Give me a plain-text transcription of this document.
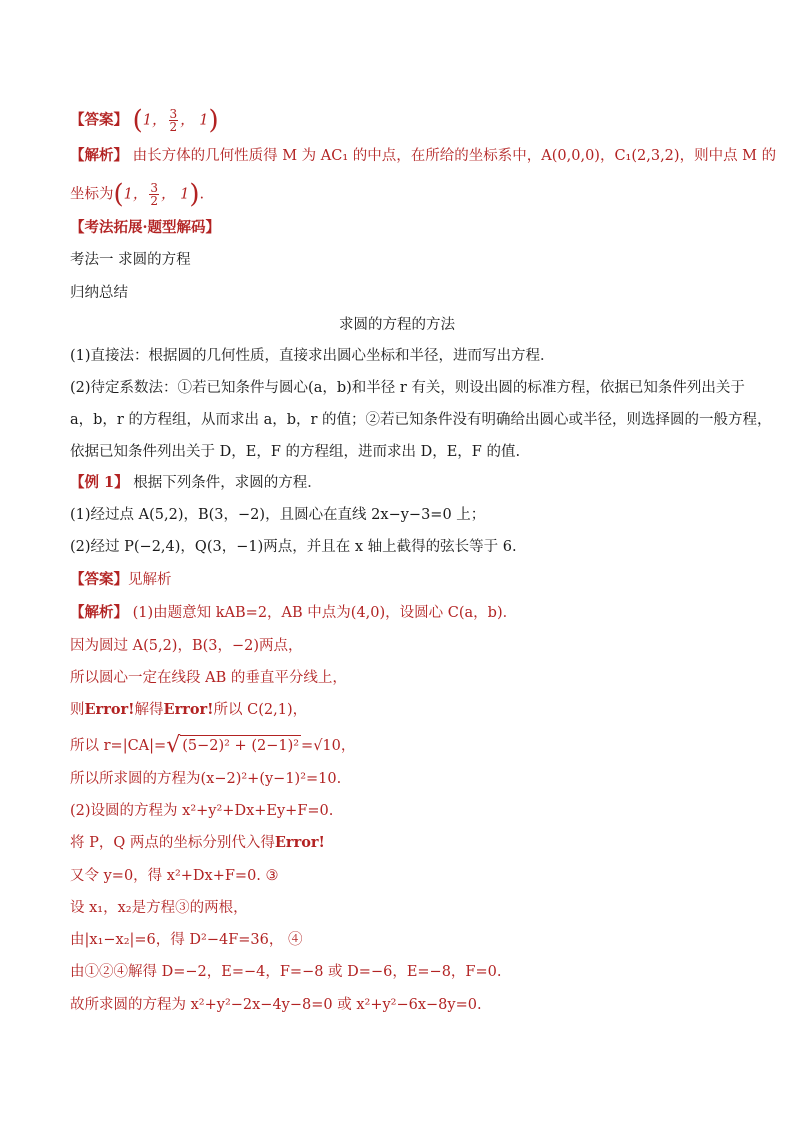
【答案】 (1， $\frac{3}{2}$ ， 1)
【解析】 由长方体的几何性质得 M 为 AC₁ 的中点，在所给的坐标系中，A(0,0,0)，C₁(2,3,2)，则中点 M 的
坐标为(1， $\frac{3}{2}$ ， 1).
【考法拓展·题型解码】
考法一 求圆的方程
归纳总结
求圆的方程的方法
(1)直接法：根据圆的几何性质，直接求出圆心坐标和半径，进而写出方程．
(2)待定系数法：①若已知条件与圆心(a，b)和半径 r 有关，则设出圆的标准方程，依据已知条件列出关于
a，b，r 的方程组，从而求出 a，b，r 的值；②若已知条件没有明确给出圆心或半径，则选择圆的一般方程，
依据已知条件列出关于 D，E，F 的方程组，进而求出 D，E，F 的值.
【例 1】 根据下列条件，求圆的方程．
(1)经过点 A(5,2)，B(3，−2)，且圆心在直线 2x−y−3=0 上；
(2)经过 P(−2,4)，Q(3，−1)两点，并且在 x 轴上截得的弦长等于 6.
【答案】见解析
【解析】 (1)由题意知 kAB=2，AB 中点为(4,0)，设圆心 C(a，b)．
因为圆过 A(5,2)，B(3，−2)两点，
所以圆心一定在线段 AB 的垂直平分线上，
则Error!解得Error!所以 C(2,1)，
所以 r=|CA|=√ (5−2)² + (2−1)² =√10，
所以所求圆的方程为(x−2)²+(y−1)²=10.
(2)设圆的方程为 x²+y²+Dx+Ey+F=0.
将 P，Q 两点的坐标分别代入得Error!
又令 y=0，得 x²+Dx+F=0. ③
设 x₁，x₂是方程③的两根，
由|x₁−x₂|=6，得 D²−4F=36， ④
由①②④解得 D=−2，E=−4，F=−8 或 D=−6，E=−8，F=0.
故所求圆的方程为 x²+y²−2x−4y−8=0 或 x²+y²−6x−8y=0.
